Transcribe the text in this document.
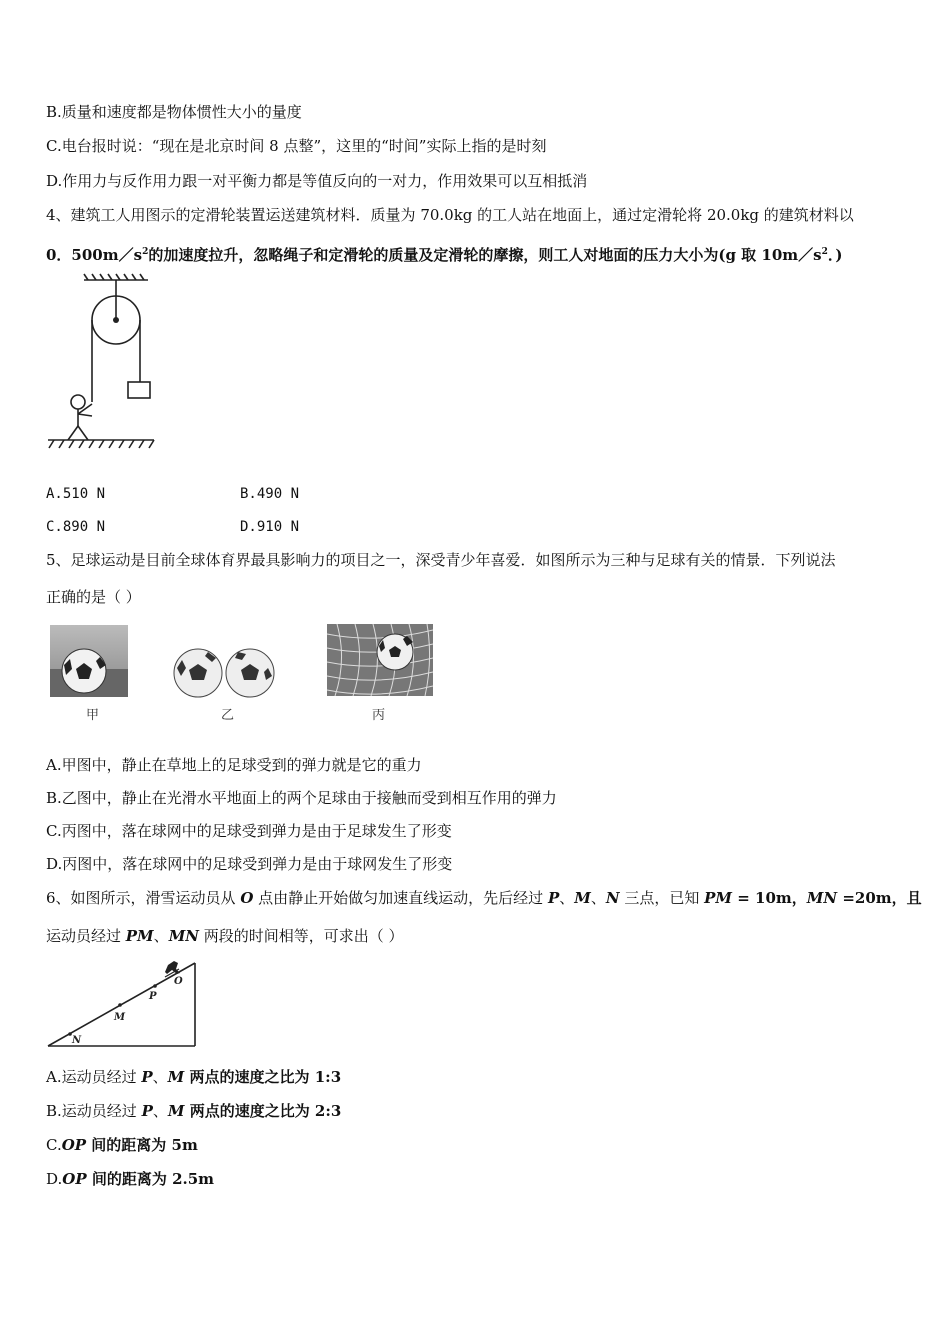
B.质量和速度都是物体惯性大小的量度
C.电台报时说：“现在是北京时间 8 点整”，这里的“时间”实际上指的是时刻
D.作用力与反作用力跟一对平衡力都是等值反向的一对力，作用效果可以互相抵消
4、建筑工人用图示的定滑轮装置运送建筑材料．质量为 70.0kg 的工人站在地面上，通过定滑轮将 20.0kg 的建筑材料以
0．$500m/s^2$的加速度拉升，忽略绳子和定滑轮的质量及定滑轮的摩擦，则工人对地面的压力大小为(g 取 $10m/s^2$．)
A.510 N	B.490 N
C.890 N	D.910 N
5、足球运动是目前全球体育界最具影响力的项目之一，深受青少年喜爱．如图所示为三种与足球有关的情景．下列说法
正确的是（ ）
甲	乙	丙
A.甲图中，静止在草地上的足球受到的弹力就是它的重力
B.乙图中，静止在光滑水平地面上的两个足球由于接触而受到相互作用的弹力
C.丙图中，落在球网中的足球受到弹力是由于足球发生了形变
D.丙图中，落在球网中的足球受到弹力是由于球网发生了形变
6、如图所示，滑雪运动员从 O 点由静止开始做匀加速直线运动，先后经过 P、M、N 三点，已知 PM = 10m，MN =20m，且
运动员经过 PM、MN 两段的时间相等，可求出（ ）
O
P
M
N
A.运动员经过 P、M 两点的速度之比为 1:3
B.运动员经过 P、M 两点的速度之比为 2:3
C.OP 间的距离为 5m
D.OP 间的距离为 2.5m
